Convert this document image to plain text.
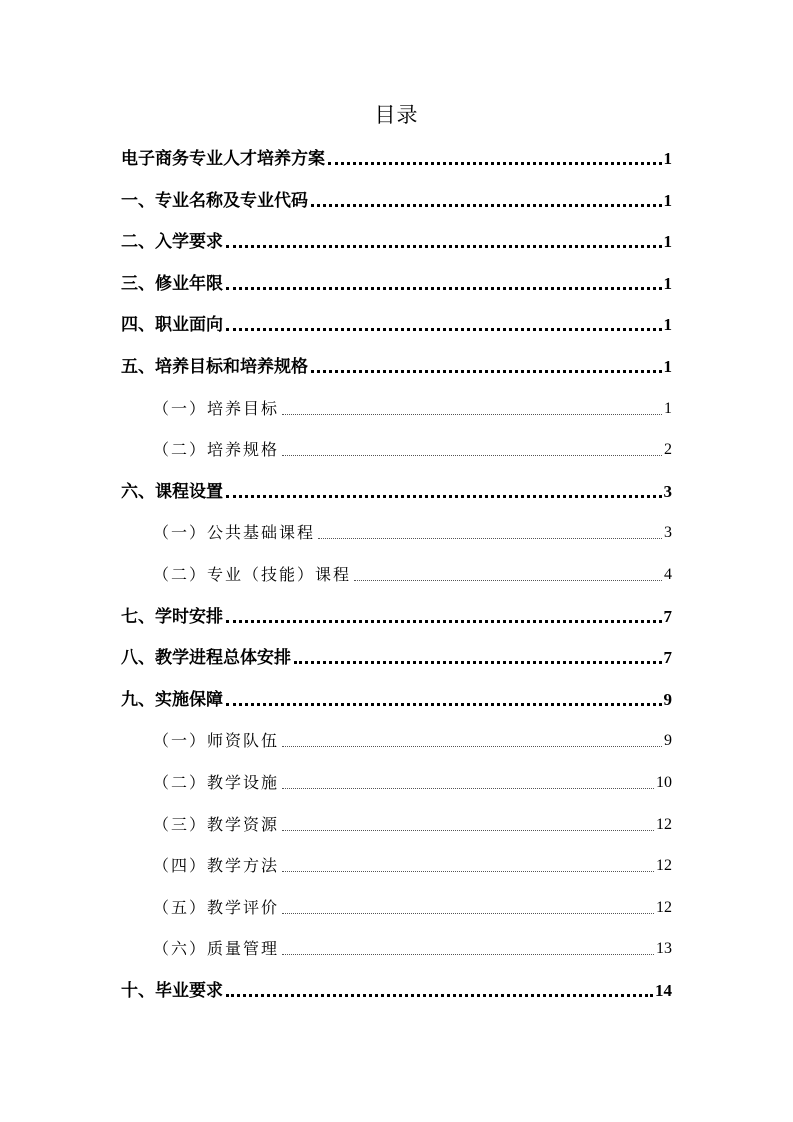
目录
电子商务专业人才培养方案	1
一、专业名称及专业代码	1
二、入学要求	1
三、修业年限	1
四、职业面向	1
五、培养目标和培养规格	1
（一）培养目标	1
（二）培养规格	2
六、课程设置	3
（一）公共基础课程	3
（二）专业（技能）课程	4
七、学时安排	7
八、教学进程总体安排	7
九、实施保障	9
（一）师资队伍	9
（二）教学设施	10
（三）教学资源	12
（四）教学方法	12
（五）教学评价	12
（六）质量管理	13
十、毕业要求	14
